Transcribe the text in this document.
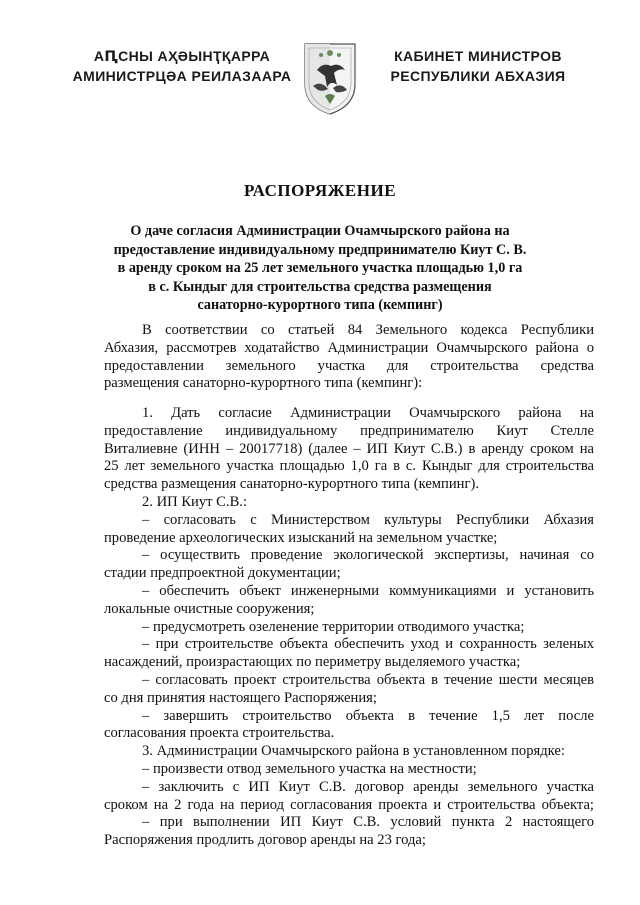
АԤСНЫ АҲӘЫНҬҚАРРА
АМИНИСТРЦӘА РЕИЛАЗААРА
КАБИНЕТ МИНИСТРОВ
РЕСПУБЛИКИ АБХАЗИЯ
РАСПОРЯЖЕНИЕ
О даче согласия Администрации Очамчырского района на
предоставление индивидуальному предпринимателю Киут С. В.
в аренду сроком на 25 лет земельного участка площадью 1,0 га
в с. Кындыг для строительства средства размещения
санаторно-курортного типа (кемпинг)
В соответствии со статьей 84 Земельного кодекса Республики
Абхазия, рассмотрев ходатайство Администрации Очамчырского района о
предоставлении земельного участка для строительства средства
размещения санаторно-курортного типа (кемпинг):
1. Дать согласие Администрации Очамчырского района на
предоставление индивидуальному предпринимателю Киут Стелле
Виталиевне (ИНН – 20017718) (далее – ИП Киут С.В.) в аренду сроком на
25 лет земельного участка площадью 1,0 га в с. Кындыг для строительства
средства размещения санаторно-курортного типа (кемпинг).
2. ИП Киут С.В.:
– согласовать с Министерством культуры Республики Абхазия
проведение археологических изысканий на земельном участке;
– осуществить проведение экологической экспертизы, начиная со
стадии предпроектной документации;
– обеспечить объект инженерными коммуникациями и установить
локальные очистные сооружения;
– предусмотреть озеленение территории отводимого участка;
– при строительстве объекта обеспечить уход и сохранность зеленых
насаждений, произрастающих по периметру выделяемого участка;
– согласовать проект строительства объекта в течение шести месяцев
со дня принятия настоящего Распоряжения;
– завершить строительство объекта в течение 1,5 лет после
согласования проекта строительства.
3. Администрации Очамчырского района в установленном порядке:
– произвести отвод земельного участка на местности;
– заключить с ИП Киут С.В. договор аренды земельного участка
сроком на 2 года на период согласования проекта и строительства объекта;
– при выполнении ИП Киут С.В. условий пункта 2 настоящего
Распоряжения продлить договор аренды на 23 года;
